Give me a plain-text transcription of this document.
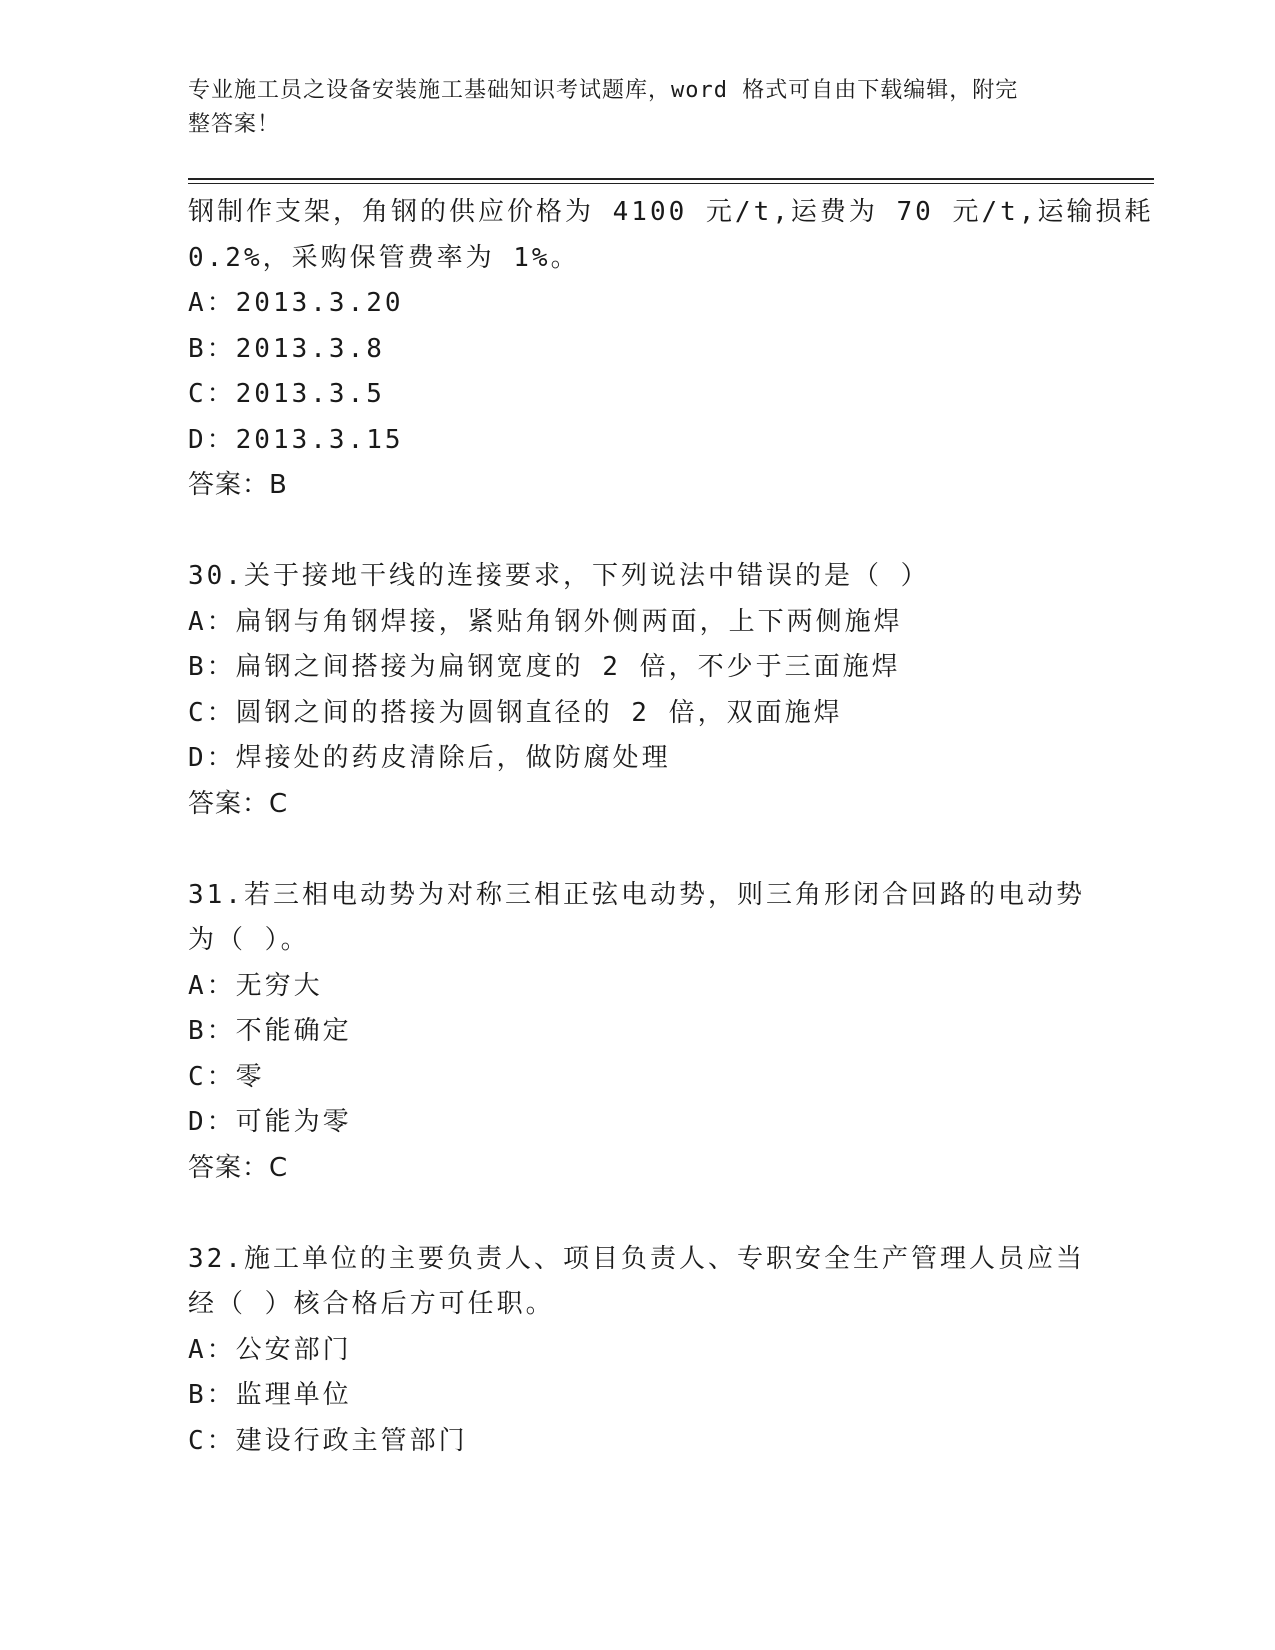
专业施工员之设备安装施工基础知识考试题库，word 格式可自由下载编辑，附完
整答案！
钢制作支架，角钢的供应价格为 4100 元/t,运费为 70 元/t,运输损耗
0.2%，采购保管费率为 1%。
A：2013.3.20
B：2013.3.8
C：2013.3.5
D：2013.3.15
答案：B
30.关于接地干线的连接要求，下列说法中错误的是（ ）
A：扁钢与角钢焊接，紧贴角钢外侧两面，上下两侧施焊
B：扁钢之间搭接为扁钢宽度的 2 倍，不少于三面施焊
C：圆钢之间的搭接为圆钢直径的 2 倍，双面施焊
D：焊接处的药皮清除后，做防腐处理
答案：C
31.若三相电动势为对称三相正弦电动势，则三角形闭合回路的电动势
为（ ）。
A：无穷大
B：不能确定
C：零
D：可能为零
答案：C
32.施工单位的主要负责人、项目负责人、专职安全生产管理人员应当
经（ ）核合格后方可任职。
A：公安部门
B：监理单位
C：建设行政主管部门
